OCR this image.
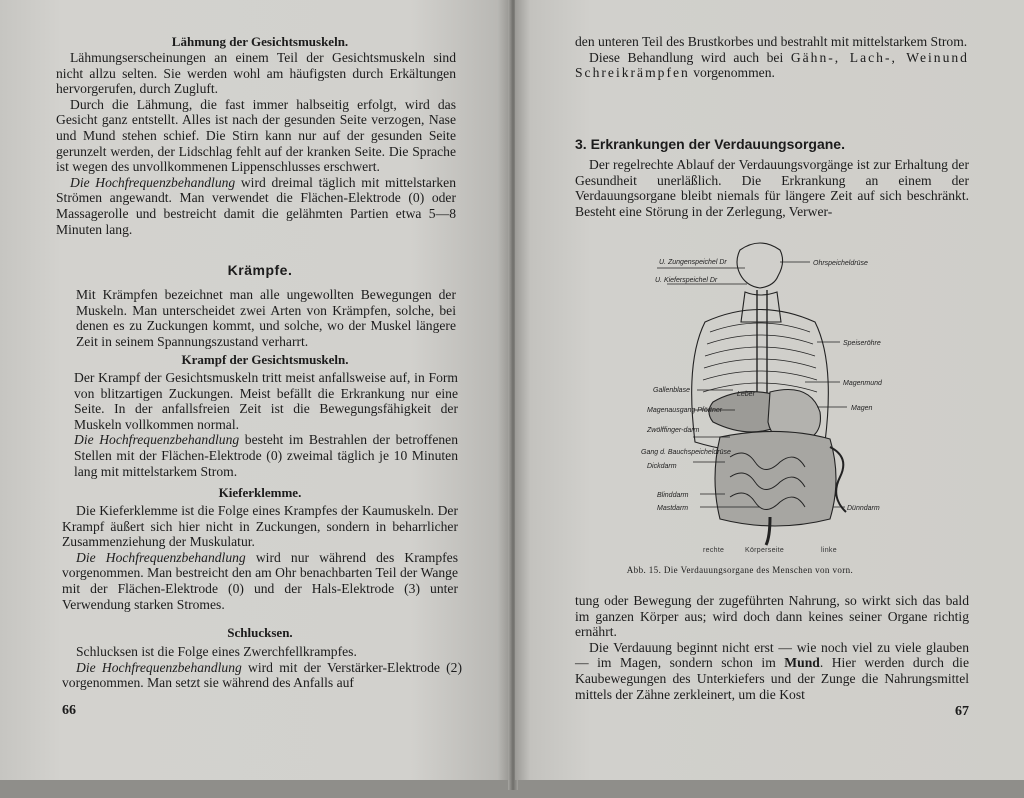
Lähmung der Gesichtsmuskeln.

Lähmungserscheinungen an einem Teil der Gesichtsmuskeln sind nicht allzu selten. Sie werden wohl am häufigsten durch Erkältungen hervorgerufen, durch Zugluft.

Durch die Lähmung, die fast immer halbseitig erfolgt, wird das Gesicht ganz entstellt. Alles ist nach der gesunden Seite verzogen, Nase und Mund stehen schief. Die Stirn kann nur auf der gesunden Seite gerunzelt werden, der Lidschlag fehlt auf der kranken Seite. Die Sprache ist wegen des unvollkommenen Lippenschlusses erschwert.

Die Hochfrequenzbehandlung wird dreimal täglich mit mittelstarken Strömen angewandt. Man verwendet die Flächen-Elektrode (0) oder Massagerolle und bestreicht damit die gelähmten Partien etwa 5—8 Minuten lang.

Krämpfe.

Mit Krämpfen bezeichnet man alle ungewollten Bewegungen der Muskeln. Man unterscheidet zwei Arten von Krämpfen, solche, bei denen es zu Zuckungen kommt, und solche, wo der Muskel längere Zeit in seinem Spannungszustand verharrt.

Krampf der Gesichtsmuskeln.

Der Krampf der Gesichtsmuskeln tritt meist anfallsweise auf, in Form von blitzartigen Zuckungen. Meist befällt die Erkrankung nur eine Seite. In der anfallsfreien Zeit ist die Bewegungsfähigkeit der Muskeln vollkommen normal.

Die Hochfrequenzbehandlung besteht im Bestrahlen der betroffenen Stellen mit der Flächen-Elektrode (0) zweimal täglich je 10 Minuten lang mit mittelstarkem Strom.

Kieferklemme.

Die Kieferklemme ist die Folge eines Krampfes der Kaumuskeln. Der Krampf äußert sich hier nicht in Zuckungen, sondern in beharrlicher Zusammenziehung der Muskulatur.

Die Hochfrequenzbehandlung wird nur während des Krampfes vorgenommen. Man bestreicht den am Ohr benachbarten Teil der Wange mit der Flächen-Elektrode (0) und der Hals-Elektrode (3) unter Verwendung starken Stromes.

Schlucksen.

Schlucksen ist die Folge eines Zwerchfellkrampfes.

Die Hochfrequenzbehandlung wird mit der Verstärker-Elektrode (2) vorgenommen. Man setzt sie während des Anfalls auf

66

den unteren Teil des Brustkorbes und bestrahlt mit mittelstarkem Strom.

Diese Behandlung wird auch bei Gähn-, Lach-, Weinund Schreikrämpfen vorgenommen.

3. Erkrankungen der Verdauungsorgane.

Der regelrechte Ablauf der Verdauungsvorgänge ist zur Erhaltung der Gesundheit unerläßlich. Die Erkrankung an einem der Verdauungsorgane bleibt niemals für längere Zeit auf sich beschränkt. Besteht eine Störung in der Zerlegung, Verwer-

U. Zungenspeichel Dr
U. Kieferspeichel Dr
Ohrspeicheldrüse
Speiseröhre
Gallenblase
Leber
Magenmund
Magen
Magenausgang Pförtner
Zwölffinger-darm
Gang d. Bauchspeicheldrüse
Dickdarm
Blinddarm
Mastdarm	Dünndarm
rechte	Körperseite	linke
Abb. 15. Die Verdauungsorgane des Menschen von vorn.

tung oder Bewegung der zugeführten Nahrung, so wirkt sich das bald im ganzen Körper aus; wird doch dann keines seiner Organe richtig ernährt.

Die Verdauung beginnt nicht erst — wie noch viel zu viele glauben — im Magen, sondern schon im Mund. Hier werden durch die Kaubewegungen des Unterkiefers und der Zunge die Nahrungsmittel mittels der Zähne zerkleinert, um die Kost

67
